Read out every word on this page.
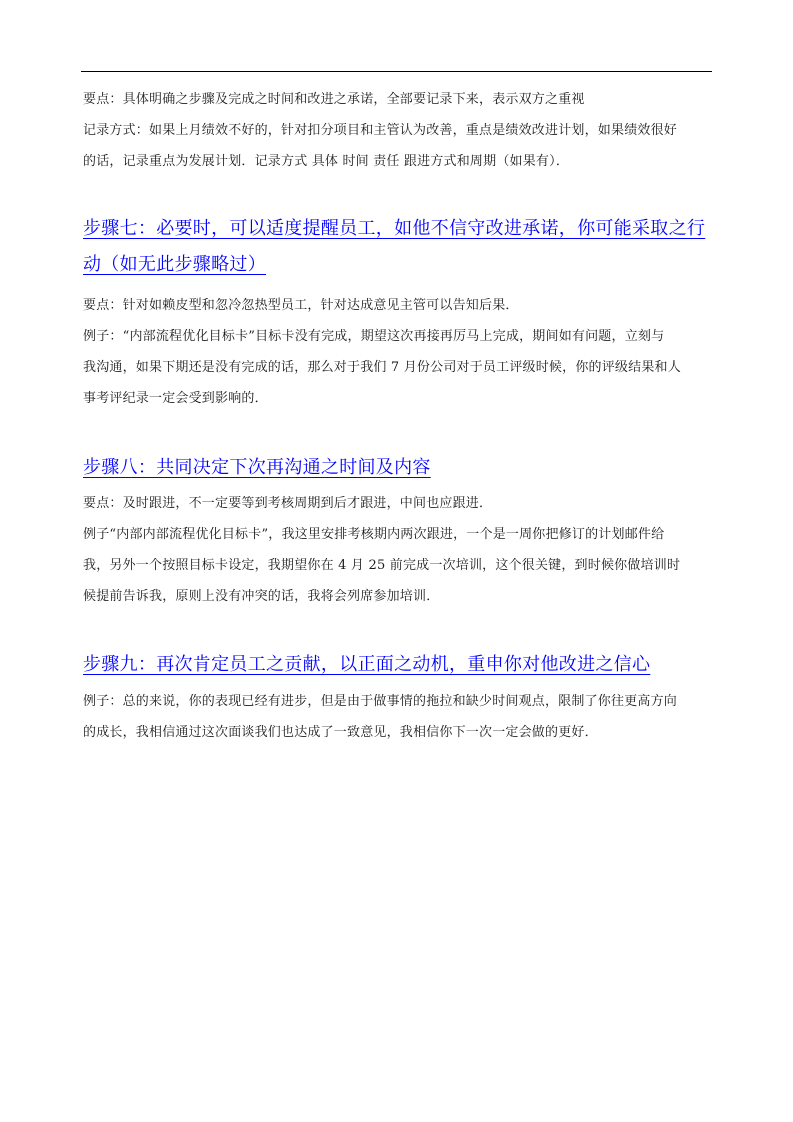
要点：具体明确之步骤及完成之时间和改进之承诺，全部要记录下来，表示双方之重视

记录方式：如果上月绩效不好的，针对扣分项目和主管认为改善，重点是绩效改进计划，如果绩效很好

的话，记录重点为发展计划．记录方式 具体 时间 责任 跟进方式和周期（如果有）．

步骤七：必要时，可以适度提醒员工，如他不信守改进承诺，你可能采取之行

动（如无此步骤略过）

要点：针对如赖皮型和忽冷忽热型员工，针对达成意见主管可以告知后果．

例子：“内部流程优化目标卡”目标卡没有完成，期望这次再接再厉马上完成，期间如有问题，立刻与

我沟通，如果下期还是没有完成的话，那么对于我们 7 月份公司对于员工评级时候，你的评级结果和人

事考评纪录一定会受到影响的．

步骤八：共同决定下次再沟通之时间及内容

要点：及时跟进，不一定要等到考核周期到后才跟进，中间也应跟进．

例子“内部内部流程优化目标卡”，我这里安排考核期内两次跟进，一个是一周你把修订的计划邮件给

我，另外一个按照目标卡设定，我期望你在 4 月 25 前完成一次培训，这个很关键，到时候你做培训时

候提前告诉我，原则上没有冲突的话，我将会列席参加培训．

步骤九：再次肯定员工之贡献，以正面之动机，重申你对他改进之信心

例子：总的来说，你的表现已经有进步，但是由于做事情的拖拉和缺少时间观点，限制了你往更高方向

的成长，我相信通过这次面谈我们也达成了一致意见，我相信你下一次一定会做的更好．
